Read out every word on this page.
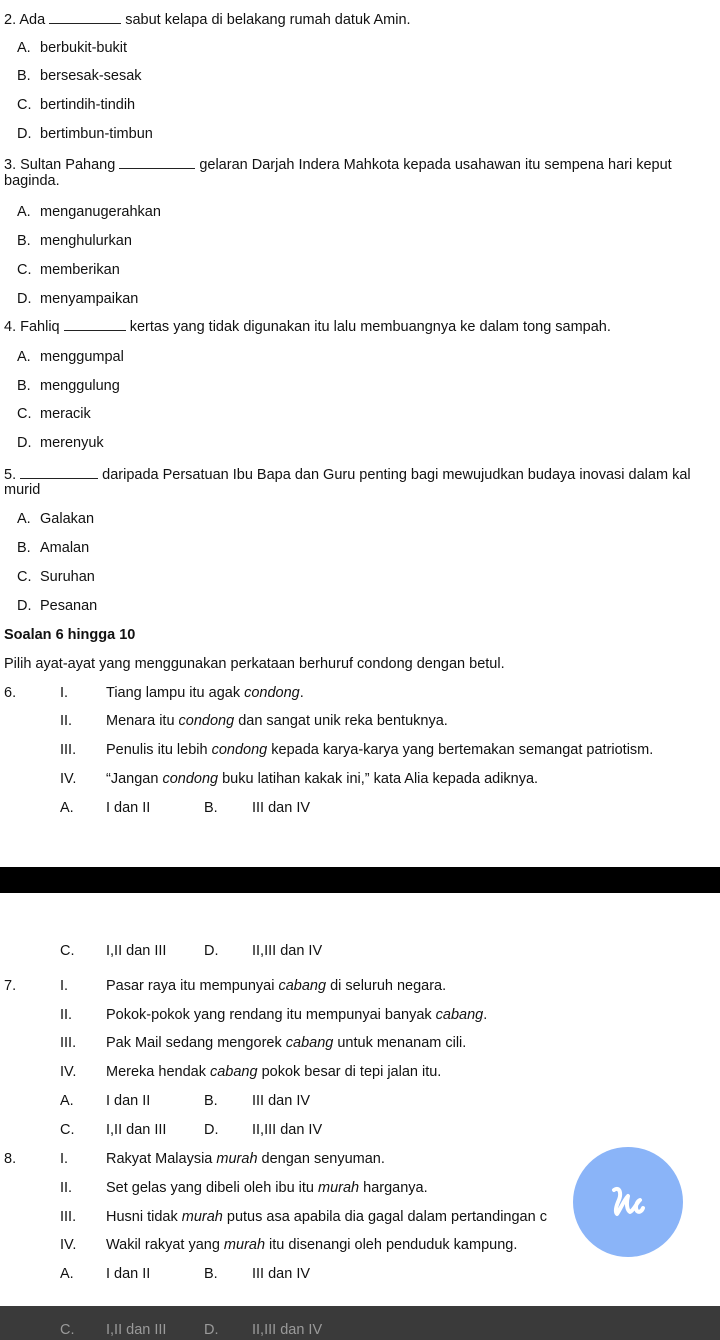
2. Ada	sabut kelapa di belakang rumah datuk Amin.
A. berbukit-bukit
B. bersesak-sesak
C. bertindih-tindih
D. bertimbun-timbun
3. Sultan Pahang	gelaran Darjah Indera Mahkota kepada usahawan itu sempena hari keput
baginda.
A. menganugerahkan
B. menghulurkan
C. memberikan
D. menyampaikan
4. Fahliq	kertas yang tidak digunakan itu lalu membuangnya ke dalam tong sampah.
A. menggumpal
B. menggulung
C. meracik
D. merenyuk
5.	daripada Persatuan Ibu Bapa dan Guru penting bagi mewujudkan budaya inovasi dalam kal
murid
A. Galakan
B. Amalan
C. Suruhan
D. Pesanan
Soalan 6 hingga 10
Pilih ayat-ayat yang menggunakan perkataan berhuruf condong dengan betul.
6.	I.	Tiang lampu itu agak condong.
II. Menara itu condong dan sangat unik reka bentuknya.
III. Penulis itu lebih condong kepada karya-karya yang bertemakan semangat patriotism.
IV. “Jangan condong buku latihan kakak ini,” kata Alia kepada adiknya.
A. I dan II	B. III dan IV
C. I,II dan III	D. II,III dan IV
7.	I.	Pasar raya itu mempunyai cabang di seluruh negara.
II. Pokok-pokok yang rendang itu mempunyai banyak cabang.
III. Pak Mail sedang mengorek cabang untuk menanam cili.
IV. Mereka hendak cabang pokok besar di tepi jalan itu.
A. I dan II	B. III dan IV
C. I,II dan III	D. II,III dan IV
8.	I.	Rakyat Malaysia murah dengan senyuman.
II. Set gelas yang dibeli oleh ibu itu murah harganya.
III. Husni tidak murah putus asa apabila dia gagal dalam pertandingan c
IV. Wakil rakyat yang murah itu disenangi oleh penduduk kampung.
A. I dan II	B. III dan IV
C. I,II dan III	D. II,III dan IV
